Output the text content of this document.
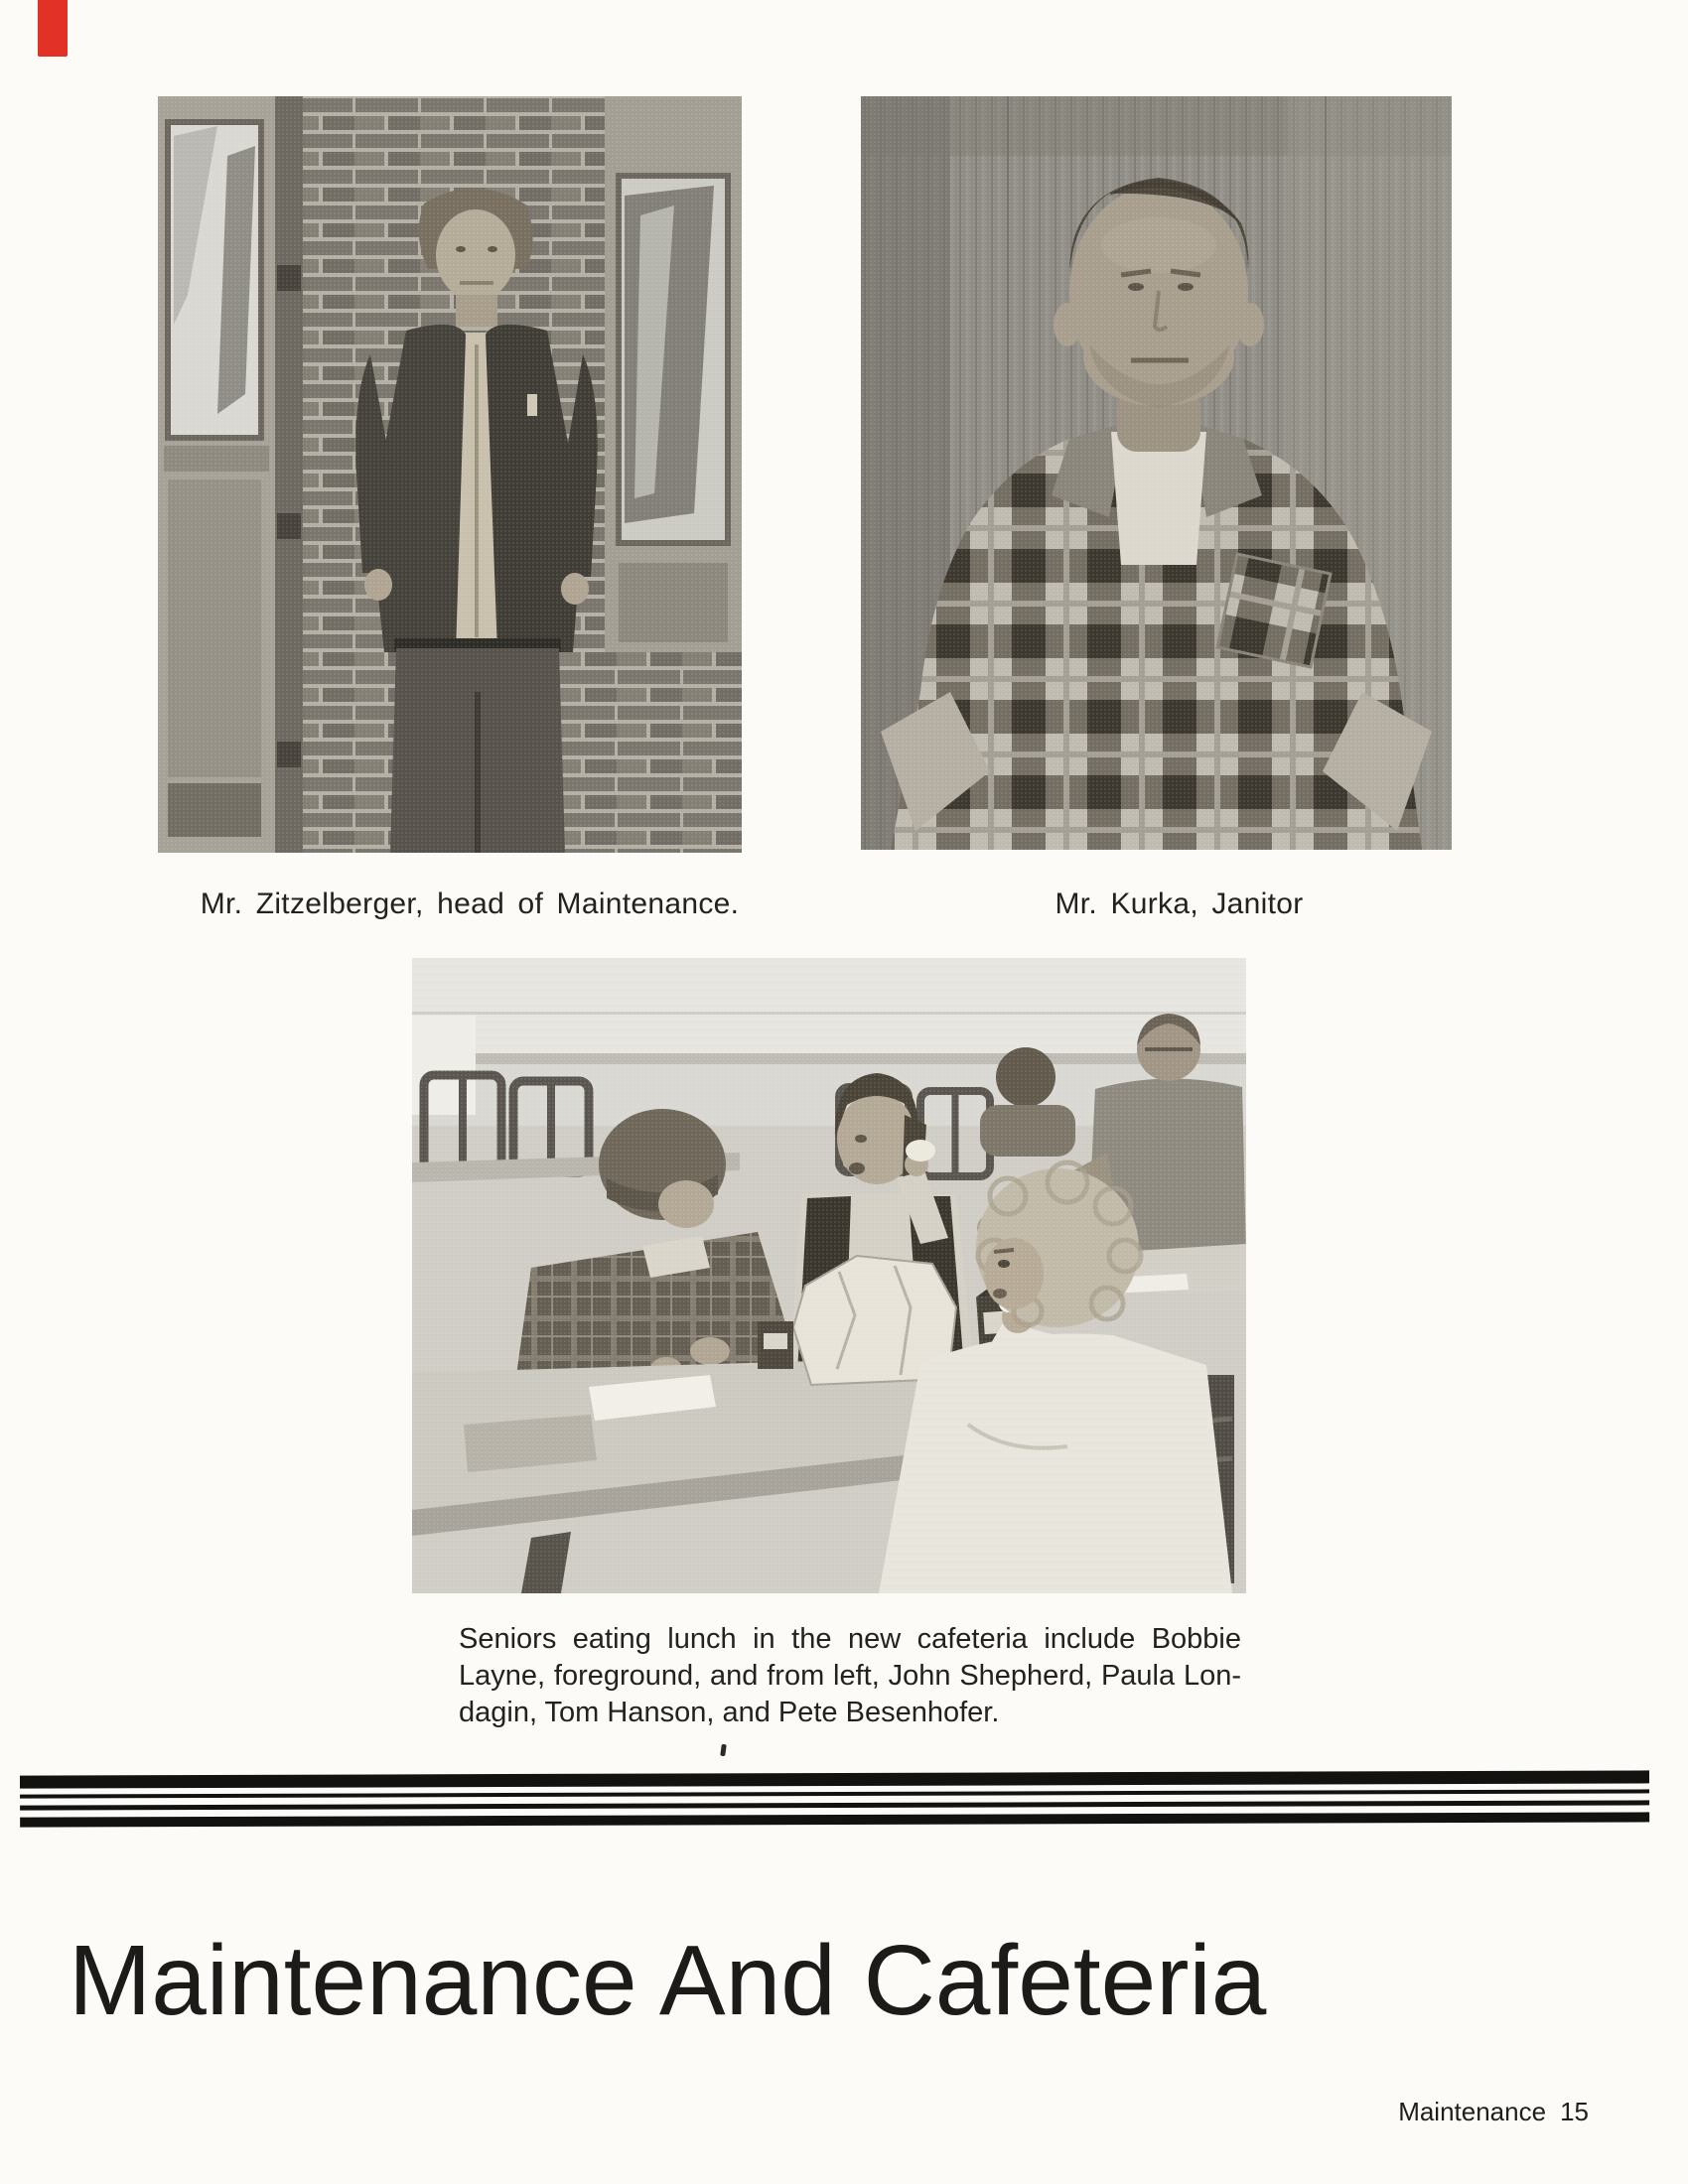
Mr. Zitzelberger, head of Maintenance.	Mr. Kurka, Janitor
Seniors eating lunch in the new cafeteria include Bobbie
Layne, foreground, and from left, John Shepherd, Paula Lon-
dagin, Tom Hanson, and Pete Besenhofer.
Maintenance And Cafeteria
Maintenance 15
